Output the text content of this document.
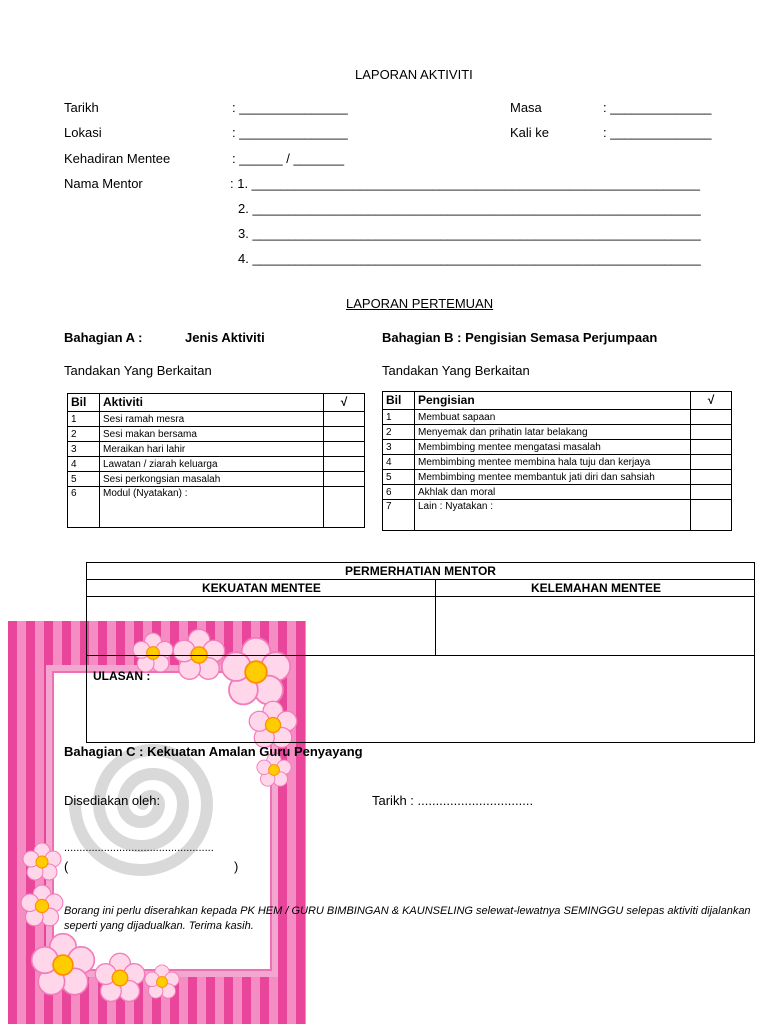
LAPORAN AKTIVITI
Tarikh	: _______________	Masa	: ______________
Lokasi	: _______________	Kali ke	: ______________
Kehadiran Mentee	: ______ / _______
Nama Mentor	: 1. ______________________________________________________________
2. ______________________________________________________________
3. ______________________________________________________________
4. ______________________________________________________________
LAPORAN PERTEMUAN
Bahagian A :	Jenis Aktiviti	Bahagian B : Pengisian Semasa Perjumpaan
Tandakan Yang Berkaitan	Tandakan Yang Berkaitan
Bil	Aktiviti	√
1	Sesi ramah mesra	
2	Sesi makan bersama	
3	Meraikan hari lahir	
4	Lawatan / ziarah keluarga	
5	Sesi perkongsian masalah	
6	Modul (Nyatakan) :	
Bil	Pengisian	√
1	Membuat sapaan	
2	Menyemak dan prihatin latar belakang	
3	Membimbing mentee mengatasi masalah	
4	Membimbing mentee membina hala tuju dan kerjaya	
5	Membimbing mentee membantuk jati diri dan sahsiah	
6	Akhlak dan moral	
7	Lain : Nyatakan :	
PERMERHATIAN MENTOR
KEKUATAN MENTEE	KELEMAHAN MENTEE
ULASAN :
Bahagian C : Kekuatan Amalan Guru Penyayang
Disediakan oleh:	Tarikh : ................................
.................................................
(	)
Borang ini perlu diserahkan kepada PK HEM / GURU BIMBINGAN & KAUNSELING selewat-lewatnya SEMINGGU selepas aktiviti dijalankan
seperti yang dijadualkan. Terima kasih.
